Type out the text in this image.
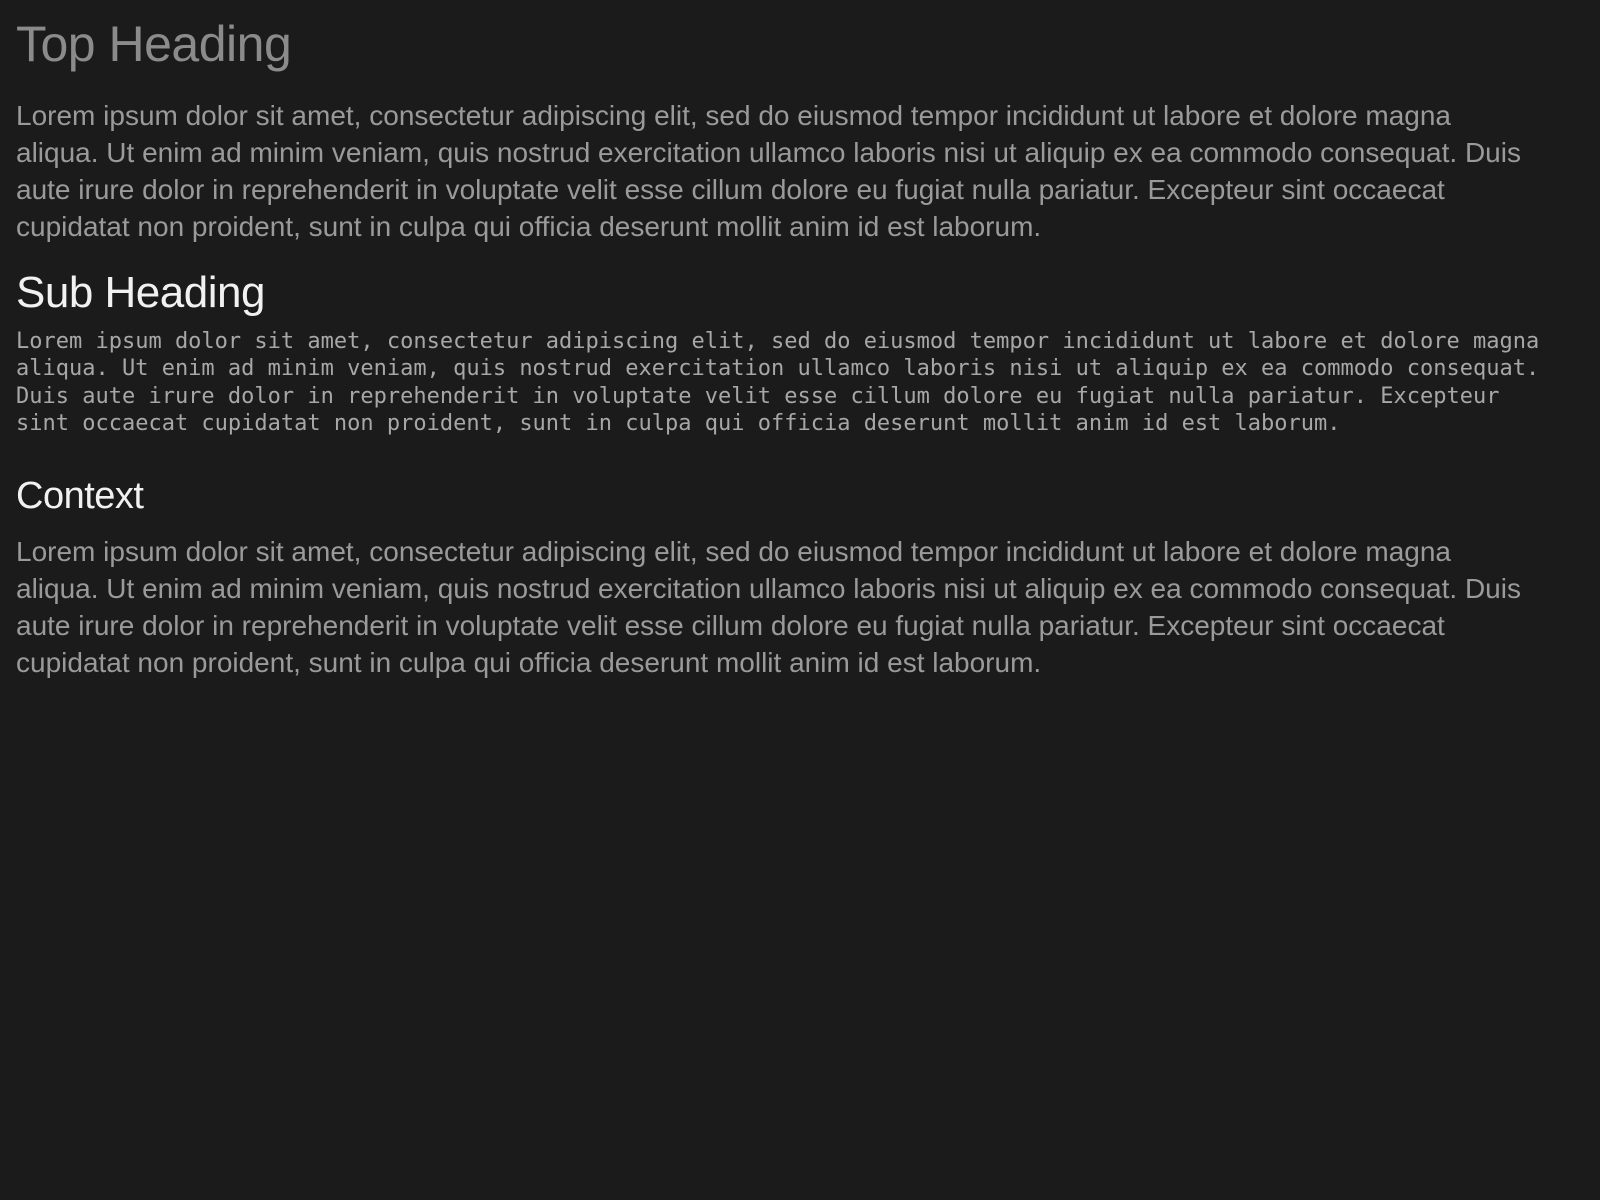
Top Heading

Lorem ipsum dolor sit amet, consectetur adipiscing elit, sed do eiusmod tempor incididunt ut labore et dolore magna aliqua. Ut enim ad minim veniam, quis nostrud exercitation ullamco laboris nisi ut aliquip ex ea commodo consequat. Duis aute irure dolor in reprehenderit in voluptate velit esse cillum dolore eu fugiat nulla pariatur. Excepteur sint occaecat cupidatat non proident, sunt in culpa qui officia deserunt mollit anim id est laborum.

Sub Heading

Lorem ipsum dolor sit amet, consectetur adipiscing elit, sed do eiusmod tempor incididunt ut labore et dolore magna aliqua. Ut enim ad minim veniam, quis nostrud exercitation ullamco laboris nisi ut aliquip ex ea commodo consequat. Duis aute irure dolor in reprehenderit in voluptate velit esse cillum dolore eu fugiat nulla pariatur. Excepteur sint occaecat cupidatat non proident, sunt in culpa qui officia deserunt mollit anim id est laborum.

Context

Lorem ipsum dolor sit amet, consectetur adipiscing elit, sed do eiusmod tempor incididunt ut labore et dolore magna aliqua. Ut enim ad minim veniam, quis nostrud exercitation ullamco laboris nisi ut aliquip ex ea commodo consequat. Duis aute irure dolor in reprehenderit in voluptate velit esse cillum dolore eu fugiat nulla pariatur. Excepteur sint occaecat cupidatat non proident, sunt in culpa qui officia deserunt mollit anim id est laborum.
